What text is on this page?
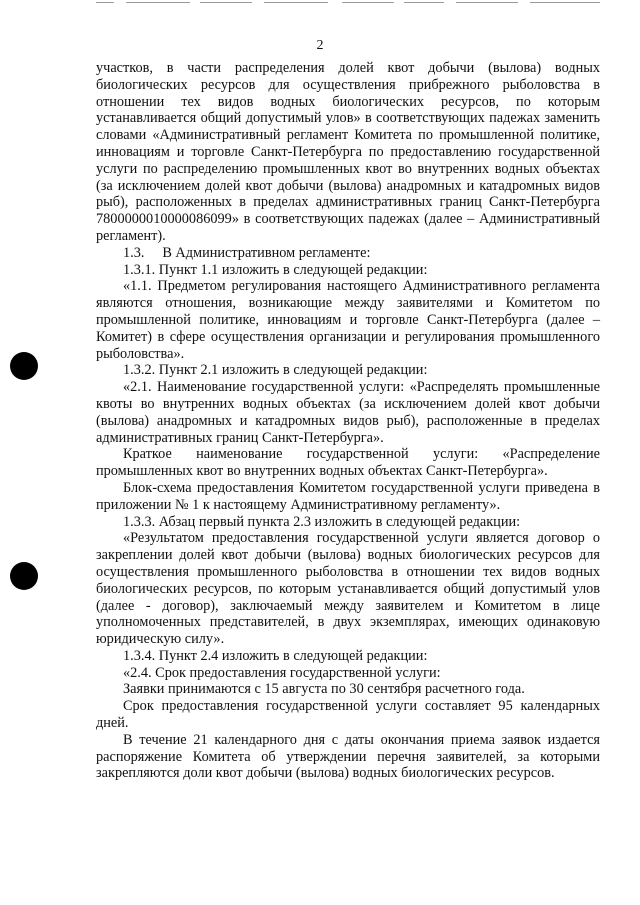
2

участков, в части распределения долей квот добычи (вылова) водных биологических ресурсов для осуществления прибрежного рыболовства в отношении тех видов водных биологических ресурсов, по которым устанавливается общий допустимый улов» в соответствующих падежах заменить словами «Административный регламент Комитета по промышленной политике, инновациям и торговле Санкт-Петербурга по предоставлению государственной услуги по распределению промышленных квот во внутренних водных объектах (за исключением долей квот добычи (вылова) анадромных и катадромных видов рыб), расположенных в пределах административных границ Санкт-Петербурга 7800000010000086099» в соответствующих падежах (далее – Административный регламент).

1.3.     В Административном регламенте:

1.3.1. Пункт 1.1 изложить в следующей редакции:

«1.1. Предметом регулирования настоящего Административного регламента являются отношения, возникающие между заявителями и Комитетом по промышленной политике, инновациям и торговле Санкт-Петербурга (далее – Комитет) в сфере осуществления организации и регулирования промышленного рыболовства».

1.3.2. Пункт 2.1 изложить в следующей редакции:

«2.1. Наименование государственной услуги: «Распределять промышленные квоты во внутренних водных объектах (за исключением долей квот добычи (вылова) анадромных и катадромных видов рыб), расположенные в пределах административных границ Санкт-Петербурга».

Краткое наименование государственной услуги: «Распределение промышленных квот во внутренних водных объектах Санкт-Петербурга».

Блок-схема предоставления Комитетом государственной услуги приведена в приложении № 1 к настоящему Административному регламенту».

1.3.3. Абзац первый пункта 2.3 изложить в следующей редакции:

«Результатом предоставления государственной услуги является договор о закреплении долей квот добычи (вылова) водных биологических ресурсов для осуществления промышленного рыболовства в отношении тех видов водных биологических ресурсов, по которым устанавливается общий допустимый улов (далее - договор), заключаемый между заявителем и Комитетом в лице уполномоченных представителей, в двух экземплярах, имеющих одинаковую юридическую силу».

1.3.4. Пункт 2.4 изложить в следующей редакции:

«2.4. Срок предоставления государственной услуги:

Заявки принимаются с 15 августа по 30 сентября расчетного года.

Срок предоставления государственной услуги составляет 95 календарных дней.

В течение 21 календарного дня с даты окончания приема заявок издается распоряжение Комитета об утверждении перечня заявителей, за которыми закрепляются доли квот добычи (вылова) водных биологических ресурсов.
